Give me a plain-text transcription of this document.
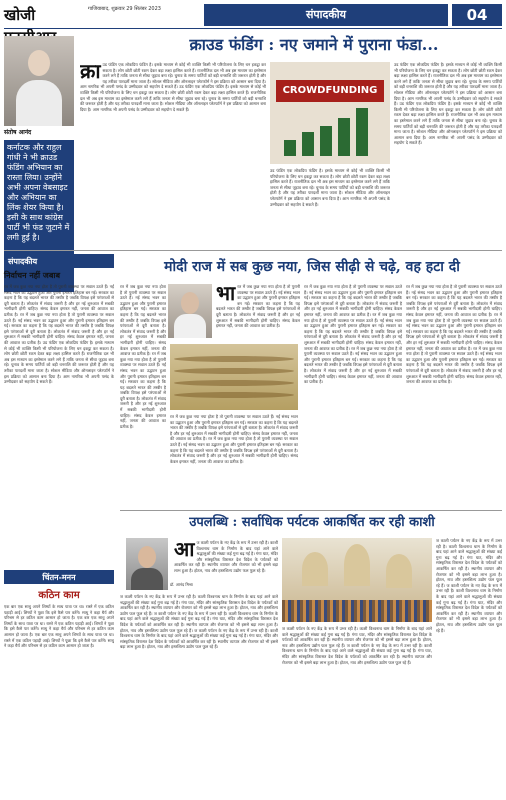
खोजी	गाजियाबाद, शुक्रवार 29 सितंबर 2023	संपादकीय	04
क्राउड फंडिंग : नए जमाने में पुराना फंडा...
संतोष आनंद
कर्नाटक और राहुल गांधी ने भी क्राउड फंडिंग अभियान का रास्ता लिया। उन्होंने अभी अपना वेबसाइट और अभियान का लिंक शेयर किया है। इसी के साथ कांग्रेस पार्टी भी फंड जुटाने में लगी हुई है।
क्रा उड फंडिंग एक लोकप्रिय फंडिंग है। इसके माध्यम से कोई भी व्यक्ति किसी भी परियोजना के लिए धन इकट्ठा कर सकता है। लोग छोटी छोटी रकम देकर बड़ा लक्ष्य हासिल करते हैं। राजनीतिक दल भी अब इस माध्यम का इस्तेमाल करने लगे हैं ताकि जनता से सीधा जुड़ाव बना रहे। चुनाव के समय पार्टियों को बड़ी धनराशि की जरूरत होती है और यह तरीका पारदर्शी माना जाता है। सोशल मीडिया और ऑनलाइन प्लेटफॉर्म ने इस प्रक्रिया को आसान बना दिया है। आम नागरिक भी अपनी पसंद के उम्मीदवार को सहयोग दे सकते हैं। उड फंडिंग एक लोकप्रिय फंडिंग है। इसके माध्यम से कोई भी व्यक्ति किसी भी परियोजना के लिए धन इकट्ठा कर सकता है। लोग छोटी छोटी रकम देकर बड़ा लक्ष्य हासिल करते हैं। राजनीतिक दल भी अब इस माध्यम का इस्तेमाल करने लगे हैं ताकि जनता से सीधा जुड़ाव बना रहे। चुनाव के समय पार्टियों को बड़ी धनराशि की जरूरत होती है और यह तरीका पारदर्शी माना जाता है। सोशल मीडिया और ऑनलाइन प्लेटफॉर्म ने इस प्रक्रिया को आसान बना दिया है। आम नागरिक भी अपनी पसंद के उम्मीदवार को सहयोग दे सकते हैं।
CROWDFUNDING
उड फंडिंग एक लोकप्रिय फंडिंग है। इसके माध्यम से कोई भी व्यक्ति किसी भी परियोजना के लिए धन इकट्ठा कर सकता है। लोग छोटी छोटी रकम देकर बड़ा लक्ष्य हासिल करते हैं। राजनीतिक दल भी अब इस माध्यम का इस्तेमाल करने लगे हैं ताकि जनता से सीधा जुड़ाव बना रहे। चुनाव के समय पार्टियों को बड़ी धनराशि की जरूरत होती है और यह तरीका पारदर्शी माना जाता है। सोशल मीडिया और ऑनलाइन प्लेटफॉर्म ने इस प्रक्रिया को आसान बना दिया है। आम नागरिक भी अपनी पसंद के उम्मीदवार को सहयोग दे सकते हैं। उड फंडिंग एक लोकप्रिय फंडिंग है। इसके माध्यम से कोई भी व्यक्ति किसी भी परियोजना के लिए धन इकट्ठा कर सकता है। लोग छोटी छोटी रकम देकर बड़ा लक्ष्य हासिल करते हैं। राजनीतिक दल भी अब इस माध्यम का इस्तेमाल करने लगे हैं ताकि जनता से सीधा जुड़ाव बना रहे। चुनाव के समय पार्टियों को बड़ी धनराशि की जरूरत होती है और यह तरीका पारदर्शी माना जाता है। सोशल मीडिया और ऑनलाइन प्लेटफॉर्म ने इस प्रक्रिया को आसान बना दिया है। आम नागरिक भी अपनी पसंद के उम्मीदवार को सहयोग दे सकते हैं।
उड फंडिंग एक लोकप्रिय फंडिंग है। इसके माध्यम से कोई भी व्यक्ति किसी भी परियोजना के लिए धन इकट्ठा कर सकता है। लोग छोटी छोटी रकम देकर बड़ा लक्ष्य हासिल करते हैं। राजनीतिक दल भी अब इस माध्यम का इस्तेमाल करने लगे हैं ताकि जनता से सीधा जुड़ाव बना रहे। चुनाव के समय पार्टियों को बड़ी धनराशि की जरूरत होती है और यह तरीका पारदर्शी माना जाता है। सोशल मीडिया और ऑनलाइन प्लेटफॉर्म ने इस प्रक्रिया को आसान बना दिया है। आम नागरिक भी अपनी पसंद के उम्मीदवार को सहयोग दे सकते हैं।
संपादकीय
निर्वाचन नहीं जबाब
रत में जब कुछ नया नया होता है तो पुरानी व्यवस्था पर सवाल उठते हैं। नई संसद भवन का उद्घाटन हुआ और पुरानी इमारत इतिहास बन गई। सरकार का कहना है कि यह बदलते भारत की तस्वीर है जबकि विपक्ष इसे परंपराओं से दूरी बताता है। लोकतंत्र में संवाद जरूरी है और हर नई शुरुआत में सबकी भागीदारी होनी चाहिए। संसद केवल इमारत नहीं, जनता की आवाज का प्रतीक है। रत में जब कुछ नया नया होता है तो पुरानी व्यवस्था पर सवाल उठते हैं। नई संसद भवन का उद्घाटन हुआ और पुरानी इमारत इतिहास बन गई। सरकार का कहना है कि यह बदलते भारत की तस्वीर है जबकि विपक्ष इसे परंपराओं से दूरी बताता है। लोकतंत्र में संवाद जरूरी है और हर नई शुरुआत में सबकी भागीदारी होनी चाहिए। संसद केवल इमारत नहीं, जनता की आवाज का प्रतीक है। उड फंडिंग एक लोकप्रिय फंडिंग है। इसके माध्यम से कोई भी व्यक्ति किसी भी परियोजना के लिए धन इकट्ठा कर सकता है। लोग छोटी छोटी रकम देकर बड़ा लक्ष्य हासिल करते हैं। राजनीतिक दल भी अब इस माध्यम का इस्तेमाल करने लगे हैं ताकि जनता से सीधा जुड़ाव बना रहे। चुनाव के समय पार्टियों को बड़ी धनराशि की जरूरत होती है और यह तरीका पारदर्शी माना जाता है। सोशल मीडिया और ऑनलाइन प्लेटफॉर्म ने इस प्रक्रिया को आसान बना दिया है। आम नागरिक भी अपनी पसंद के उम्मीदवार को सहयोग दे सकते हैं।
मोदी राज में सब कुछ नया, जिस सीढ़ी से चढ़े, वह हटा दी
रत में जब कुछ नया नया होता है तो पुरानी व्यवस्था पर सवाल उठते हैं। नई संसद भवन का उद्घाटन हुआ और पुरानी इमारत इतिहास बन गई। सरकार का कहना है कि यह बदलते भारत की तस्वीर है जबकि विपक्ष इसे परंपराओं से दूरी बताता है। लोकतंत्र में संवाद जरूरी है और हर नई शुरुआत में सबकी भागीदारी होनी चाहिए। संसद केवल इमारत नहीं, जनता की आवाज का प्रतीक है। रत में जब कुछ नया नया होता है तो पुरानी व्यवस्था पर सवाल उठते हैं। नई संसद भवन का उद्घाटन हुआ और पुरानी इमारत इतिहास बन गई। सरकार का कहना है कि यह बदलते भारत की तस्वीर है जबकि विपक्ष इसे परंपराओं से दूरी बताता है। लोकतंत्र में संवाद जरूरी है और हर नई शुरुआत में सबकी भागीदारी होनी चाहिए। संसद केवल इमारत नहीं, जनता की आवाज का प्रतीक है।
भा रत में जब कुछ नया नया होता है तो पुरानी व्यवस्था पर सवाल उठते हैं। नई संसद भवन का उद्घाटन हुआ और पुरानी इमारत इतिहास बन गई। सरकार का कहना है कि यह बदलते भारत की तस्वीर है जबकि विपक्ष इसे परंपराओं से दूरी बताता है। लोकतंत्र में संवाद जरूरी है और हर नई शुरुआत में सबकी भागीदारी होनी चाहिए। संसद केवल इमारत नहीं, जनता की आवाज का प्रतीक है।
रत में जब कुछ नया नया होता है तो पुरानी व्यवस्था पर सवाल उठते हैं। नई संसद भवन का उद्घाटन हुआ और पुरानी इमारत इतिहास बन गई। सरकार का कहना है कि यह बदलते भारत की तस्वीर है जबकि विपक्ष इसे परंपराओं से दूरी बताता है। लोकतंत्र में संवाद जरूरी है और हर नई शुरुआत में सबकी भागीदारी होनी चाहिए। संसद केवल इमारत नहीं, जनता की आवाज का प्रतीक है। रत में जब कुछ नया नया होता है तो पुरानी व्यवस्था पर सवाल उठते हैं। नई संसद भवन का उद्घाटन हुआ और पुरानी इमारत इतिहास बन गई। सरकार का कहना है कि यह बदलते भारत की तस्वीर है जबकि विपक्ष इसे परंपराओं से दूरी बताता है। लोकतंत्र में संवाद जरूरी है और हर नई शुरुआत में सबकी भागीदारी होनी चाहिए। संसद केवल इमारत नहीं, जनता की आवाज का प्रतीक है।
रत में जब कुछ नया नया होता है तो पुरानी व्यवस्था पर सवाल उठते हैं। नई संसद भवन का उद्घाटन हुआ और पुरानी इमारत इतिहास बन गई। सरकार का कहना है कि यह बदलते भारत की तस्वीर है जबकि विपक्ष इसे परंपराओं से दूरी बताता है। लोकतंत्र में संवाद जरूरी है और हर नई शुरुआत में सबकी भागीदारी होनी चाहिए। संसद केवल इमारत नहीं, जनता की आवाज का प्रतीक है। रत में जब कुछ नया नया होता है तो पुरानी व्यवस्था पर सवाल उठते हैं। नई संसद भवन का उद्घाटन हुआ और पुरानी इमारत इतिहास बन गई। सरकार का कहना है कि यह बदलते भारत की तस्वीर है जबकि विपक्ष इसे परंपराओं से दूरी बताता है। लोकतंत्र में संवाद जरूरी है और हर नई शुरुआत में सबकी भागीदारी होनी चाहिए। संसद केवल इमारत नहीं, जनता की आवाज का प्रतीक है। रत में जब कुछ नया नया होता है तो पुरानी व्यवस्था पर सवाल उठते हैं। नई संसद भवन का उद्घाटन हुआ और पुरानी इमारत इतिहास बन गई। सरकार का कहना है कि यह बदलते भारत की तस्वीर है जबकि विपक्ष इसे परंपराओं से दूरी बताता है। लोकतंत्र में संवाद जरूरी है और हर नई शुरुआत में सबकी भागीदारी होनी चाहिए। संसद केवल इमारत नहीं, जनता की आवाज का प्रतीक है।
रत में जब कुछ नया नया होता है तो पुरानी व्यवस्था पर सवाल उठते हैं। नई संसद भवन का उद्घाटन हुआ और पुरानी इमारत इतिहास बन गई। सरकार का कहना है कि यह बदलते भारत की तस्वीर है जबकि विपक्ष इसे परंपराओं से दूरी बताता है। लोकतंत्र में संवाद जरूरी है और हर नई शुरुआत में सबकी भागीदारी होनी चाहिए। संसद केवल इमारत नहीं, जनता की आवाज का प्रतीक है। रत में जब कुछ नया नया होता है तो पुरानी व्यवस्था पर सवाल उठते हैं। नई संसद भवन का उद्घाटन हुआ और पुरानी इमारत इतिहास बन गई। सरकार का कहना है कि यह बदलते भारत की तस्वीर है जबकि विपक्ष इसे परंपराओं से दूरी बताता है। लोकतंत्र में संवाद जरूरी है और हर नई शुरुआत में सबकी भागीदारी होनी चाहिए। संसद केवल इमारत नहीं, जनता की आवाज का प्रतीक है। रत में जब कुछ नया नया होता है तो पुरानी व्यवस्था पर सवाल उठते हैं। नई संसद भवन का उद्घाटन हुआ और पुरानी इमारत इतिहास बन गई। सरकार का कहना है कि यह बदलते भारत की तस्वीर है जबकि विपक्ष इसे परंपराओं से दूरी बताता है। लोकतंत्र में संवाद जरूरी है और हर नई शुरुआत में सबकी भागीदारी होनी चाहिए। संसद केवल इमारत नहीं, जनता की आवाज का प्रतीक है।
चिंतन-मनन
कठिन काम
एक बार एक साधु अपने शिष्यों के साथ यात्रा पर था। रास्ते में एक कठिन पहाड़ी आई। शिष्यों ने पूछा कि इसे कैसे पार करेंगे। साधु ने कहा धैर्य और परिश्रम से हर कठिन काम आसान हो जाता है। एक बार एक साधु अपने शिष्यों के साथ यात्रा पर था। रास्ते में एक कठिन पहाड़ी आई। शिष्यों ने पूछा कि इसे कैसे पार करेंगे। साधु ने कहा धैर्य और परिश्रम से हर कठिन काम आसान हो जाता है। एक बार एक साधु अपने शिष्यों के साथ यात्रा पर था। रास्ते में एक कठिन पहाड़ी आई। शिष्यों ने पूछा कि इसे कैसे पार करेंगे। साधु ने कहा धैर्य और परिश्रम से हर कठिन काम आसान हो जाता है।
उपलब्धि : सर्वाधिक पर्यटक आकर्षित कर रही काशी
डॉ. आनंद मिश्रा
आ ज काशी पर्यटन के नए केंद्र के रूप में उभर रही है। काशी विश्वनाथ धाम के निर्माण के बाद यहां आने वाले श्रद्धालुओं की संख्या कई गुना बढ़ गई है। गंगा घाट, मंदिर और सांस्कृतिक विरासत देश विदेश के पर्यटकों को आकर्षित कर रही है। स्थानीय व्यापार और रोजगार को भी इससे बड़ा लाभ हुआ है। होटल, नाव और हस्तशिल्प उद्योग फल फूल रहे हैं।
ज काशी पर्यटन के नए केंद्र के रूप में उभर रही है। काशी विश्वनाथ धाम के निर्माण के बाद यहां आने वाले श्रद्धालुओं की संख्या कई गुना बढ़ गई है। गंगा घाट, मंदिर और सांस्कृतिक विरासत देश विदेश के पर्यटकों को आकर्षित कर रही है। स्थानीय व्यापार और रोजगार को भी इससे बड़ा लाभ हुआ है। होटल, नाव और हस्तशिल्प उद्योग फल फूल रहे हैं। ज काशी पर्यटन के नए केंद्र के रूप में उभर रही है। काशी विश्वनाथ धाम के निर्माण के बाद यहां आने वाले श्रद्धालुओं की संख्या कई गुना बढ़ गई है। गंगा घाट, मंदिर और सांस्कृतिक विरासत देश विदेश के पर्यटकों को आकर्षित कर रही है। स्थानीय व्यापार और रोजगार को भी इससे बड़ा लाभ हुआ है। होटल, नाव और हस्तशिल्प उद्योग फल फूल रहे हैं। ज काशी पर्यटन के नए केंद्र के रूप में उभर रही है। काशी विश्वनाथ धाम के निर्माण के बाद यहां आने वाले श्रद्धालुओं की संख्या कई गुना बढ़ गई है। गंगा घाट, मंदिर और सांस्कृतिक विरासत देश विदेश के पर्यटकों को आकर्षित कर रही है। स्थानीय व्यापार और रोजगार को भी इससे बड़ा लाभ हुआ है। होटल, नाव और हस्तशिल्प उद्योग फल फूल रहे हैं।
ज काशी पर्यटन के नए केंद्र के रूप में उभर रही है। काशी विश्वनाथ धाम के निर्माण के बाद यहां आने वाले श्रद्धालुओं की संख्या कई गुना बढ़ गई है। गंगा घाट, मंदिर और सांस्कृतिक विरासत देश विदेश के पर्यटकों को आकर्षित कर रही है। स्थानीय व्यापार और रोजगार को भी इससे बड़ा लाभ हुआ है। होटल, नाव और हस्तशिल्प उद्योग फल फूल रहे हैं। ज काशी पर्यटन के नए केंद्र के रूप में उभर रही है। काशी विश्वनाथ धाम के निर्माण के बाद यहां आने वाले श्रद्धालुओं की संख्या कई गुना बढ़ गई है। गंगा घाट, मंदिर और सांस्कृतिक विरासत देश विदेश के पर्यटकों को आकर्षित कर रही है। स्थानीय व्यापार और रोजगार को भी इससे बड़ा लाभ हुआ है। होटल, नाव और हस्तशिल्प उद्योग फल फूल रहे हैं।
ज काशी पर्यटन के नए केंद्र के रूप में उभर रही है। काशी विश्वनाथ धाम के निर्माण के बाद यहां आने वाले श्रद्धालुओं की संख्या कई गुना बढ़ गई है। गंगा घाट, मंदिर और सांस्कृतिक विरासत देश विदेश के पर्यटकों को आकर्षित कर रही है। स्थानीय व्यापार और रोजगार को भी इससे बड़ा लाभ हुआ है। होटल, नाव और हस्तशिल्प उद्योग फल फूल रहे हैं। ज काशी पर्यटन के नए केंद्र के रूप में उभर रही है। काशी विश्वनाथ धाम के निर्माण के बाद यहां आने वाले श्रद्धालुओं की संख्या कई गुना बढ़ गई है। गंगा घाट, मंदिर और सांस्कृतिक विरासत देश विदेश के पर्यटकों को आकर्षित कर रही है। स्थानीय व्यापार और रोजगार को भी इससे बड़ा लाभ हुआ है। होटल, नाव और हस्तशिल्प उद्योग फल फूल रहे हैं।
